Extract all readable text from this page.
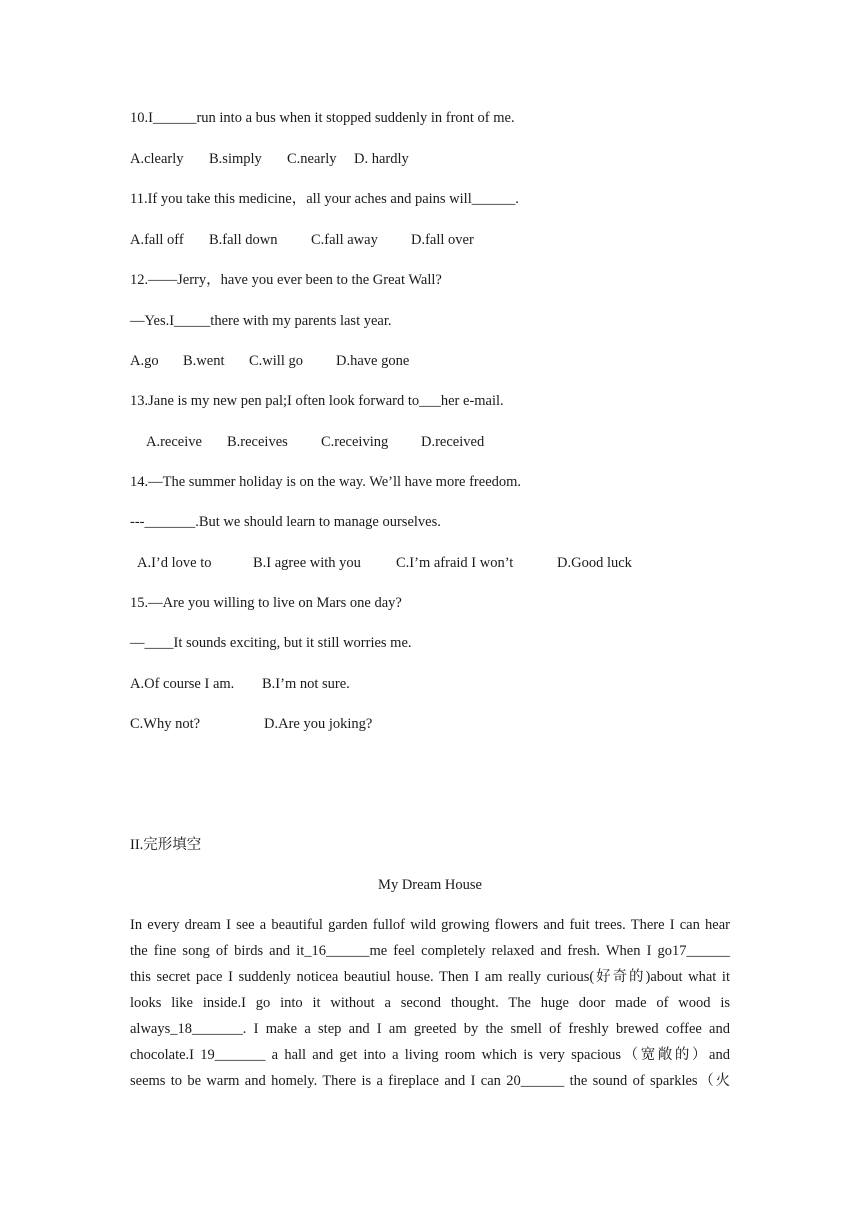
10.I______run into a bus when it stopped suddenly in front of me.
A.clearly B.simply C.nearly D. hardly
11.If you take this medicine，all your aches and pains will______.
A.fall off B.fall down C.fall away D.fall over
12.——Jerry，have you ever been to the Great Wall?
—Yes.I_____there with my parents last year.
A.go B.went C.will go D.have gone
13.Jane is my new pen pal;I often look forward to___her e-mail.
A.receive B.receives C.receiving D.received
14.—The summer holiday is on the way. We’ll have more freedom.
---_______.But we should learn to manage ourselves.
A.I’d love to	B.I agree with you C.I’m afraid I won’t	D.Good luck
15.—Are you willing to live on Mars one day?
—____It sounds exciting, but it still worries me.
A.Of course I am. B.I’m not sure.
C.Why not?	D.Are you joking?
II.完形填空
My Dream House
In every dream I see a beautiful garden fullof wild growing flowers and fuit trees. There I can hear
the fine song of birds and it_16______me feel completely relaxed and fresh. When I go17______
this secret pace I suddenly noticea beautiul house. Then I am really curious(好奇的)about what it
looks like inside.I go into it without a second thought. The huge door made of wood is
always_18_______. I make a step and I am greeted by the smell of freshly brewed coffee and
chocolate.I 19_______ a hall and get into a living room which is very spacious（宽敞的）and
seems to be warm and homely. There is a fireplace and I can 20______ the sound of sparkles（火
